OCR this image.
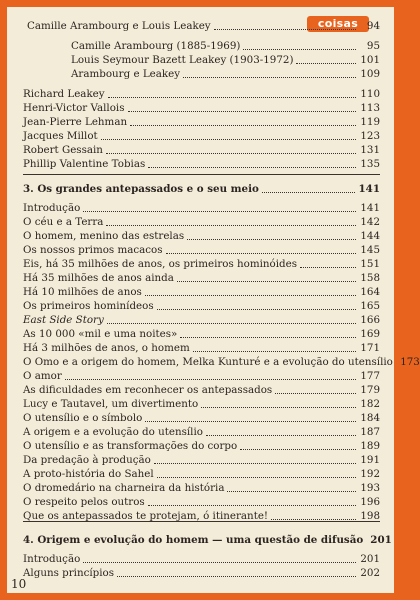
coisas
Camille Arambourg e Louis Leakey	94
Camille Arambourg (1885-1969)	95
Louis Seymour Bazett Leakey (1903-1972)	101
Arambourg e Leakey	109
Richard Leakey	110
Henri-Victor Vallois	113
Jean-Pierre Lehman	119
Jacques Millot	123
Robert Gessain	131
Phillip Valentine Tobias	135
3. Os grandes antepassados e o seu meio	141
Introdução	141
O céu e a Terra	142
O homem, menino das estrelas	144
Os nossos primos macacos	145
Eis, há 35 milhões de anos, os primeiros hominóides	151
Há 35 milhões de anos ainda	158
Há 10 milhões de anos	164
Os primeiros hominídeos	165
East Side Story	166
As 10 000 «mil e uma noites»	169
Há 3 milhões de anos, o homem	171
O Omo e a origem do homem, Melka Kunturé e a evolução do utensílio 173
O amor	177
As dificuldades em reconhecer os antepassados	179
Lucy e Tautavel, um divertimento	182
O utensílio e o símbolo	184
A origem e a evolução do utensílio	187
O utensílio e as transformações do corpo	189
Da predação à produção	191
A proto-história do Sahel	192
O dromedário na charneira da história	193
O respeito pelos outros	196
Que os antepassados te protejam, ó itinerante!	198
4. Origem e evolução do homem — uma questão de difusão 201
Introdução	201
Alguns princípios	202
10
